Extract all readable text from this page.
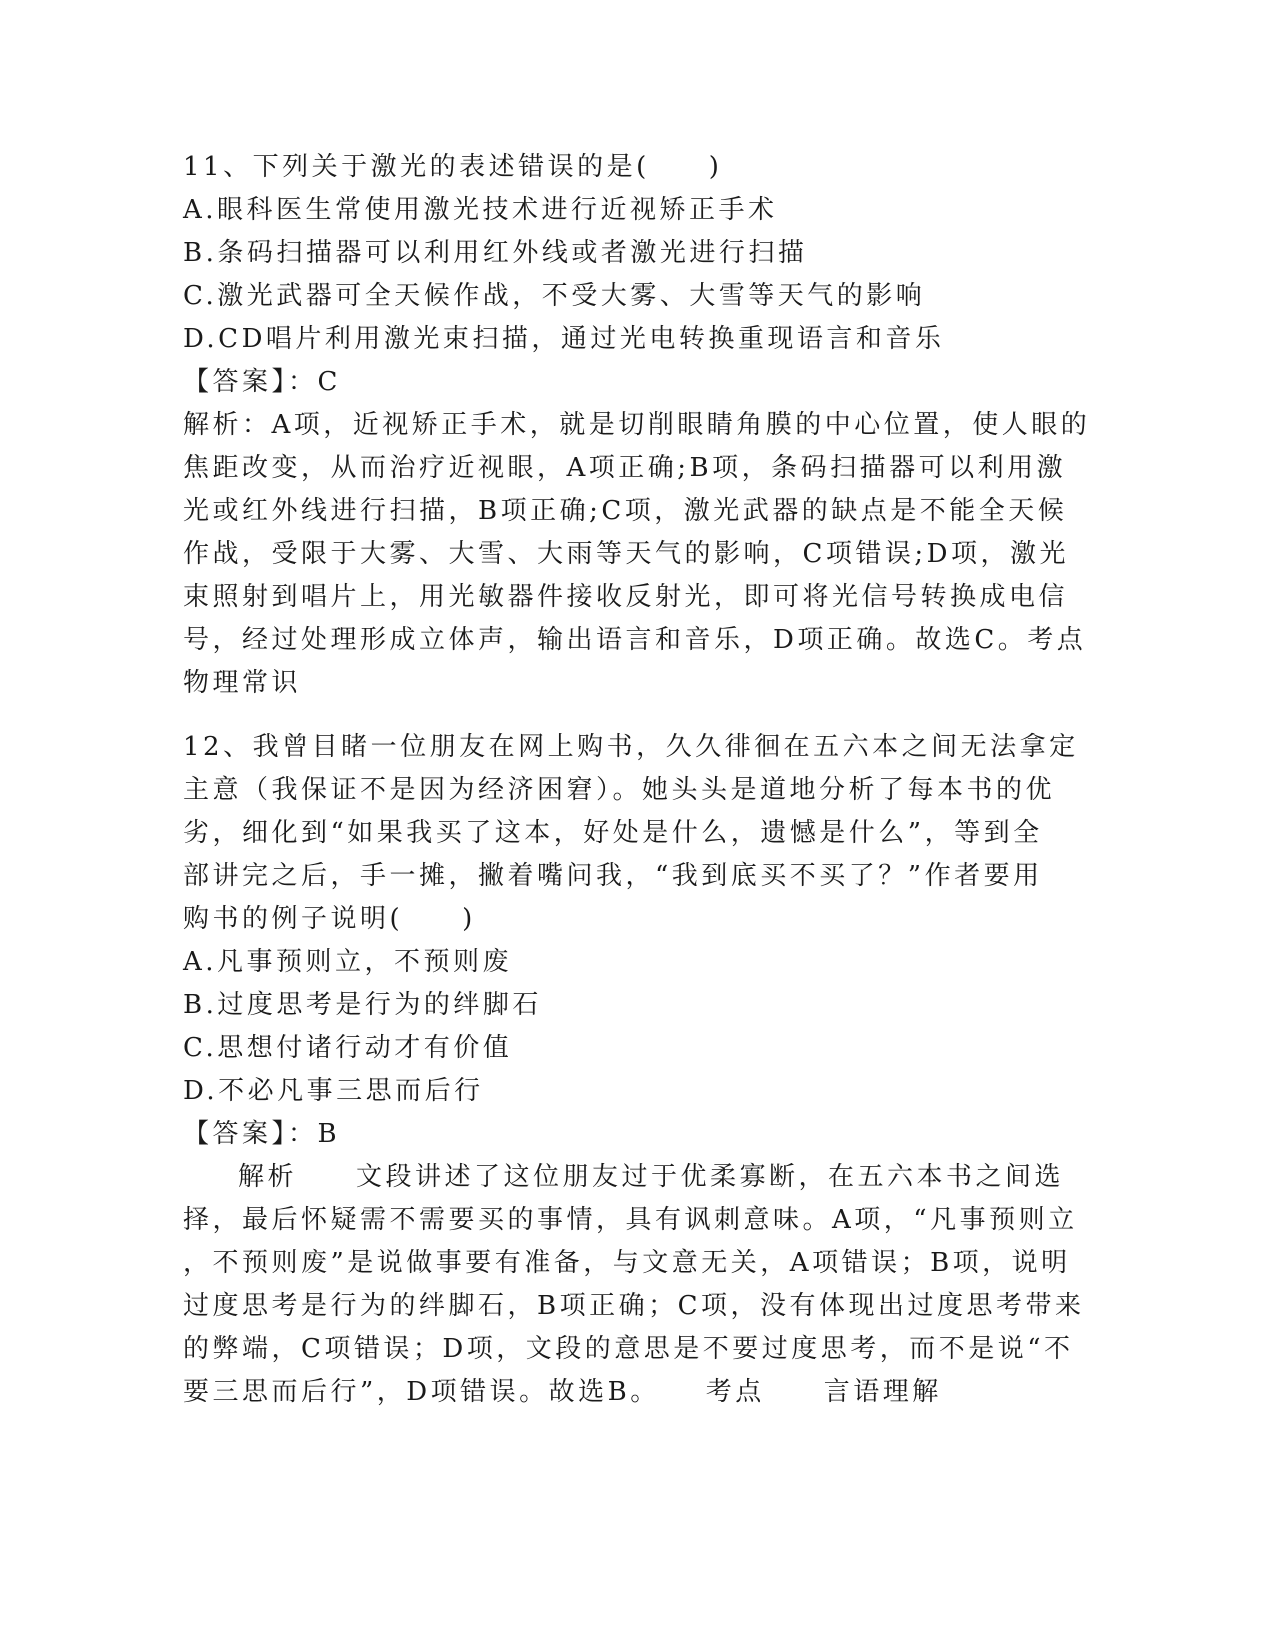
11、下列关于激光的表述错误的是(　　)
A.眼科医生常使用激光技术进行近视矫正手术
B.条码扫描器可以利用红外线或者激光进行扫描
C.激光武器可全天候作战，不受大雾、大雪等天气的影响
D.CD唱片利用激光束扫描，通过光电转换重现语言和音乐
【答案】：C
解析：A项，近视矫正手术，就是切削眼睛角膜的中心位置，使人眼的
焦距改变，从而治疗近视眼，A项正确;B项，条码扫描器可以利用激
光或红外线进行扫描，B项正确;C项，激光武器的缺点是不能全天候
作战，受限于大雾、大雪、大雨等天气的影响，C项错误;D项，激光
束照射到唱片上，用光敏器件接收反射光，即可将光信号转换成电信
号，经过处理形成立体声，输出语言和音乐，D项正确。故选C。考点
物理常识
12、我曾目睹一位朋友在网上购书，久久徘徊在五六本之间无法拿定
主意（我保证不是因为经济困窘）。她头头是道地分析了每本书的优
劣，细化到“如果我买了这本，好处是什么，遗憾是什么”，等到全
部讲完之后，手一摊，撇着嘴问我，“我到底买不买了？”作者要用
购书的例子说明(　　)
A.凡事预则立，不预则废
B.过度思考是行为的绊脚石
C.思想付诸行动才有价值
D.不必凡事三思而后行
【答案】：B
解析　　文段讲述了这位朋友过于优柔寡断，在五六本书之间选
择，最后怀疑需不需要买的事情，具有讽刺意味。A项，“凡事预则立
，不预则废”是说做事要有准备，与文意无关，A项错误；B项，说明
过度思考是行为的绊脚石，B项正确；C项，没有体现出过度思考带来
的弊端，C项错误；D项，文段的意思是不要过度思考，而不是说“不
要三思而后行”，D项错误。故选B。　　考点　　言语理解
